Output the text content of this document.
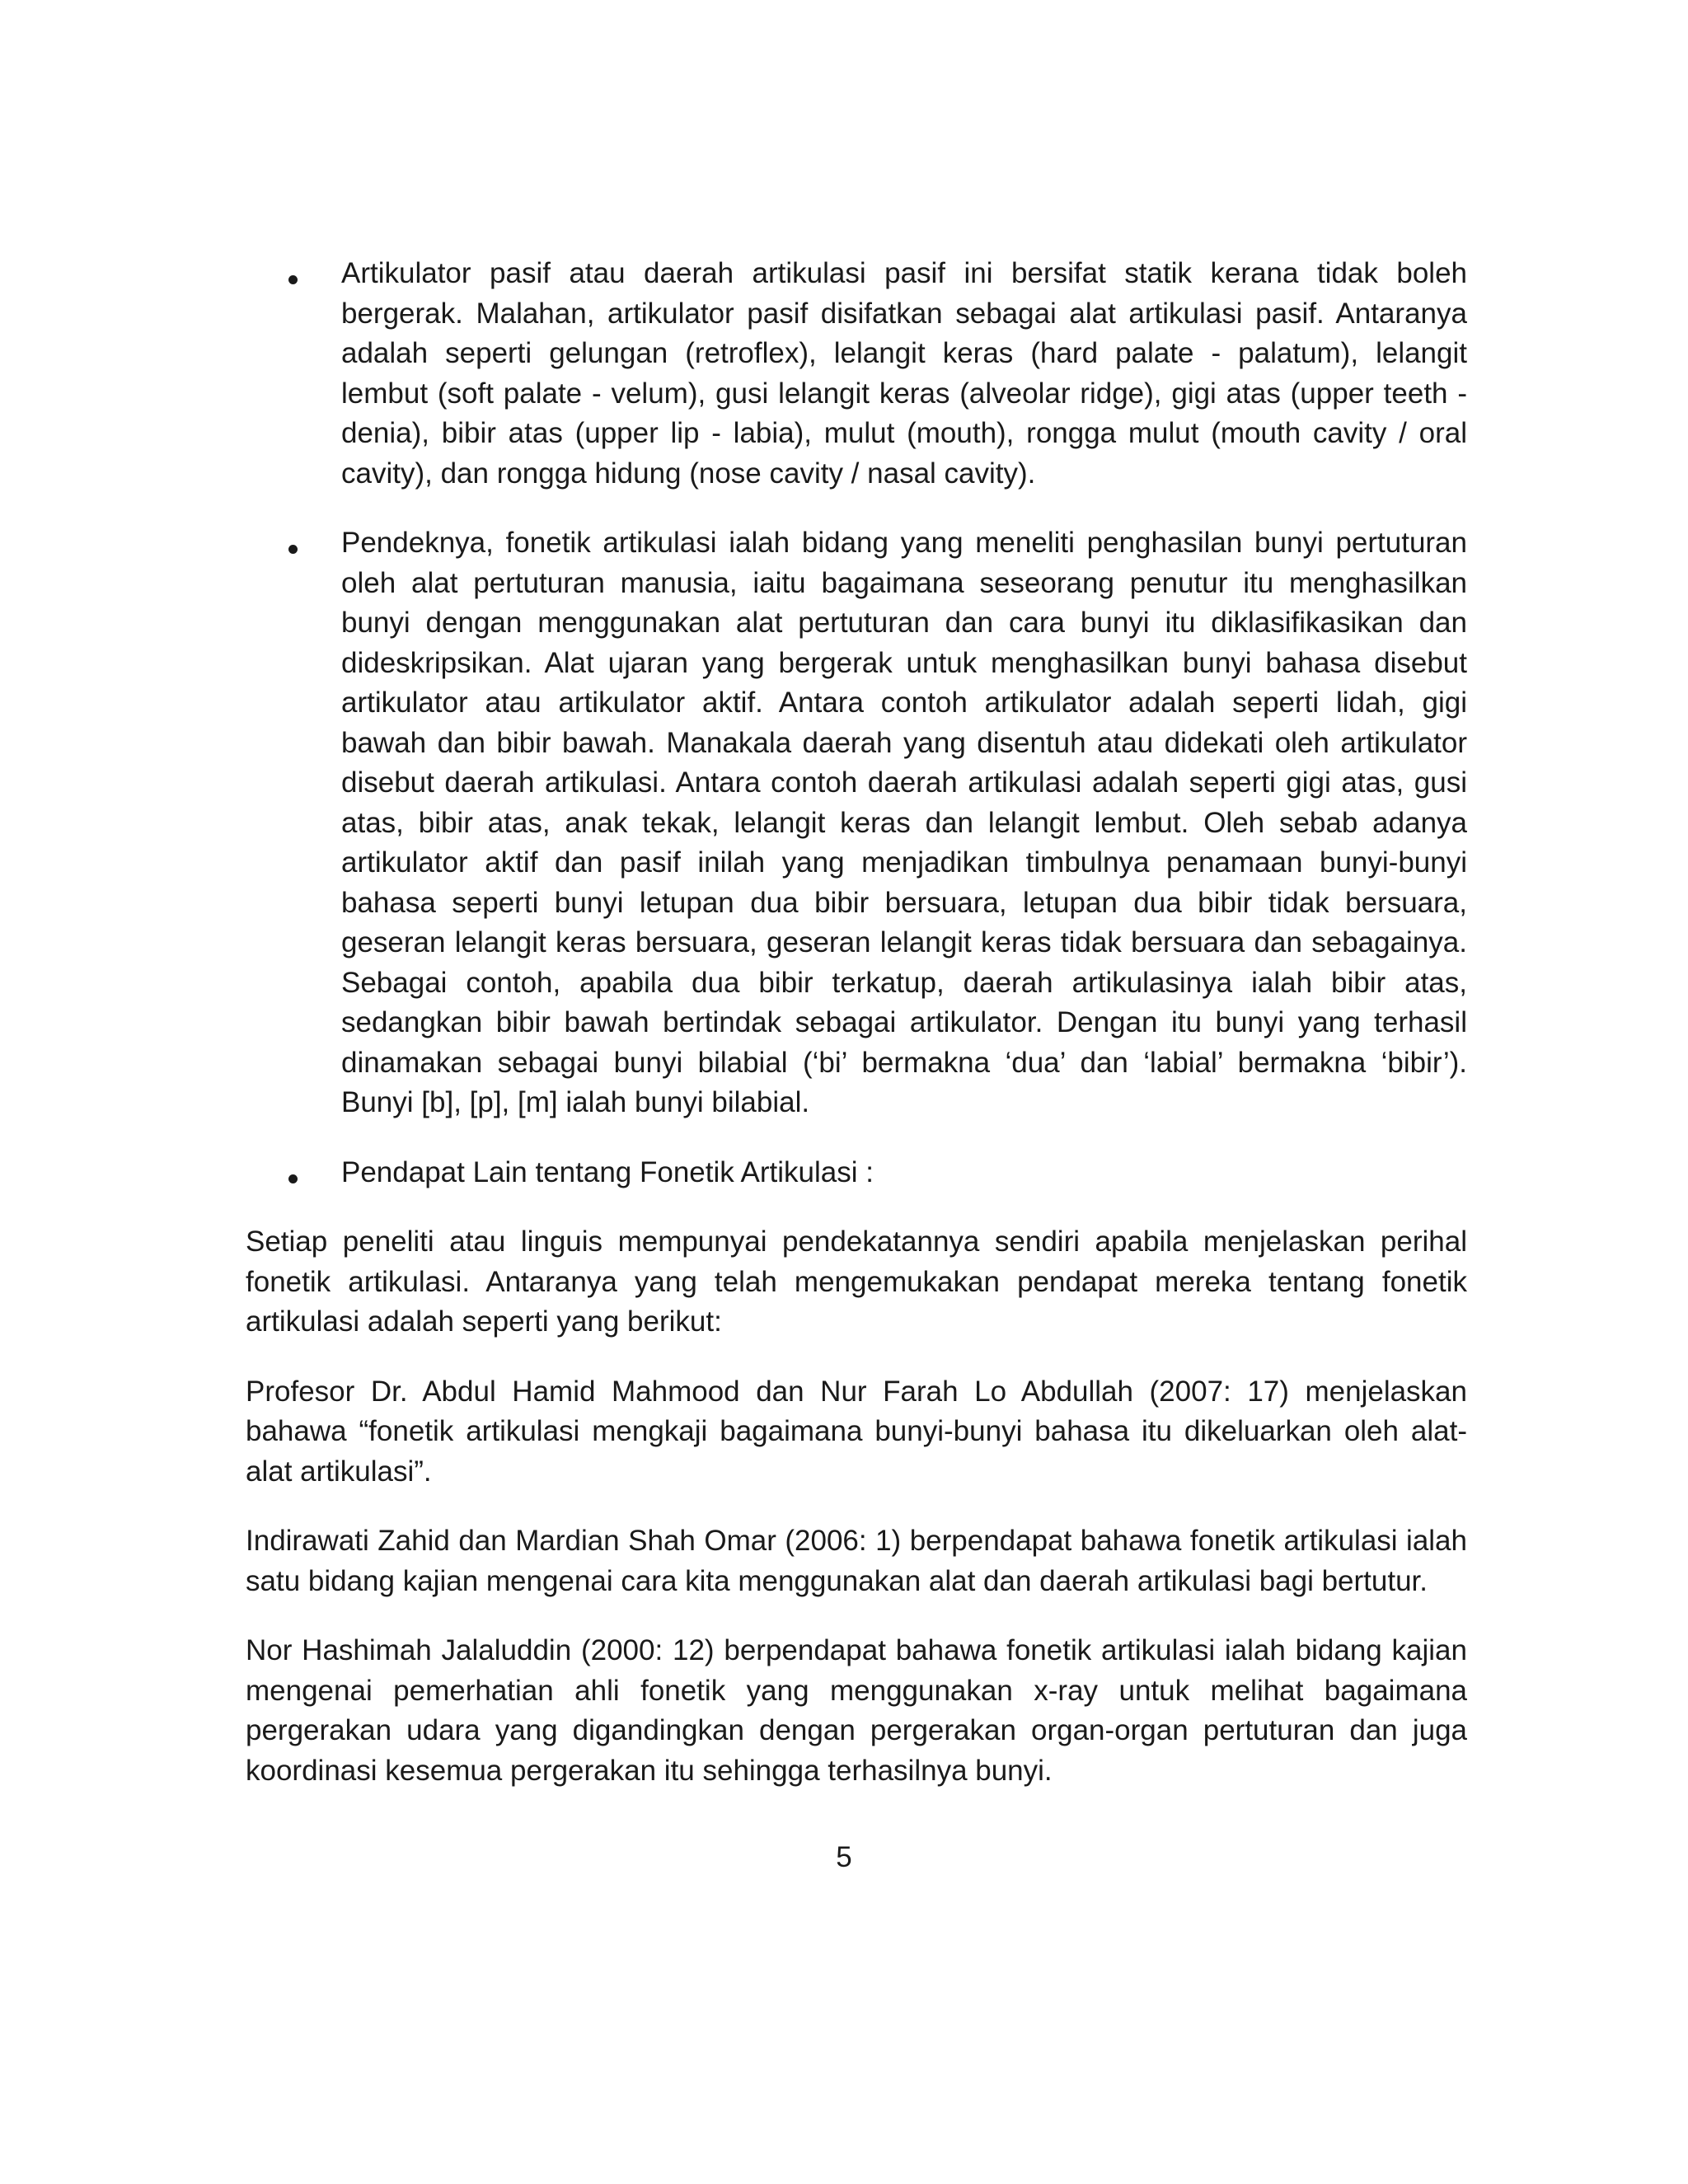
Artikulator pasif atau daerah artikulasi pasif ini bersifat statik kerana tidak boleh bergerak. Malahan, artikulator pasif disifatkan sebagai alat artikulasi pasif. Antaranya adalah seperti gelungan (retroflex), lelangit keras (hard palate - palatum), lelangit lembut (soft palate - velum), gusi lelangit keras (alveolar ridge), gigi atas (upper teeth - denia), bibir atas (upper lip - labia), mulut (mouth), rongga mulut (mouth cavity / oral cavity), dan rongga hidung (nose cavity / nasal cavity).

Pendeknya, fonetik artikulasi ialah bidang yang meneliti penghasilan bunyi pertuturan oleh alat pertuturan manusia, iaitu bagaimana seseorang penutur itu menghasilkan bunyi dengan menggunakan alat pertuturan dan cara bunyi itu diklasifikasikan dan dideskripsikan. Alat ujaran yang bergerak untuk menghasilkan bunyi bahasa disebut artikulator atau artikulator aktif. Antara contoh artikulator adalah seperti lidah, gigi bawah dan bibir bawah. Manakala daerah yang disentuh atau didekati oleh artikulator disebut daerah artikulasi. Antara contoh daerah artikulasi adalah seperti gigi atas, gusi atas, bibir atas, anak tekak, lelangit keras dan lelangit lembut. Oleh sebab adanya artikulator aktif dan pasif inilah yang menjadikan timbulnya penamaan bunyi-bunyi bahasa seperti bunyi letupan dua bibir bersuara, letupan dua bibir tidak bersuara, geseran lelangit keras bersuara, geseran lelangit keras tidak bersuara dan sebagainya. Sebagai contoh, apabila dua bibir terkatup, daerah artikulasinya ialah bibir atas, sedangkan bibir bawah bertindak sebagai artikulator. Dengan itu bunyi yang terhasil dinamakan sebagai bunyi bilabial (‘bi’ bermakna ‘dua’ dan ‘labial’ bermakna ‘bibir’). Bunyi [b], [p], [m] ialah bunyi bilabial.

Pendapat Lain tentang Fonetik Artikulasi :

Setiap peneliti atau linguis mempunyai pendekatannya sendiri apabila menjelaskan perihal fonetik artikulasi. Antaranya yang telah mengemukakan pendapat mereka tentang fonetik artikulasi adalah seperti yang berikut:

Profesor Dr. Abdul Hamid Mahmood dan Nur Farah Lo Abdullah (2007: 17) menjelaskan bahawa “fonetik artikulasi mengkaji bagaimana bunyi-bunyi bahasa itu dikeluarkan oleh alat-alat artikulasi”.

Indirawati Zahid dan Mardian Shah Omar (2006: 1) berpendapat bahawa fonetik artikulasi ialah satu bidang kajian mengenai cara kita menggunakan alat dan daerah artikulasi bagi bertutur.

Nor Hashimah Jalaluddin (2000: 12) berpendapat bahawa fonetik artikulasi ialah bidang kajian mengenai pemerhatian ahli fonetik yang menggunakan x-ray untuk melihat bagaimana pergerakan udara yang digandingkan dengan pergerakan organ-organ pertuturan dan juga koordinasi kesemua pergerakan itu sehingga terhasilnya bunyi.

5
